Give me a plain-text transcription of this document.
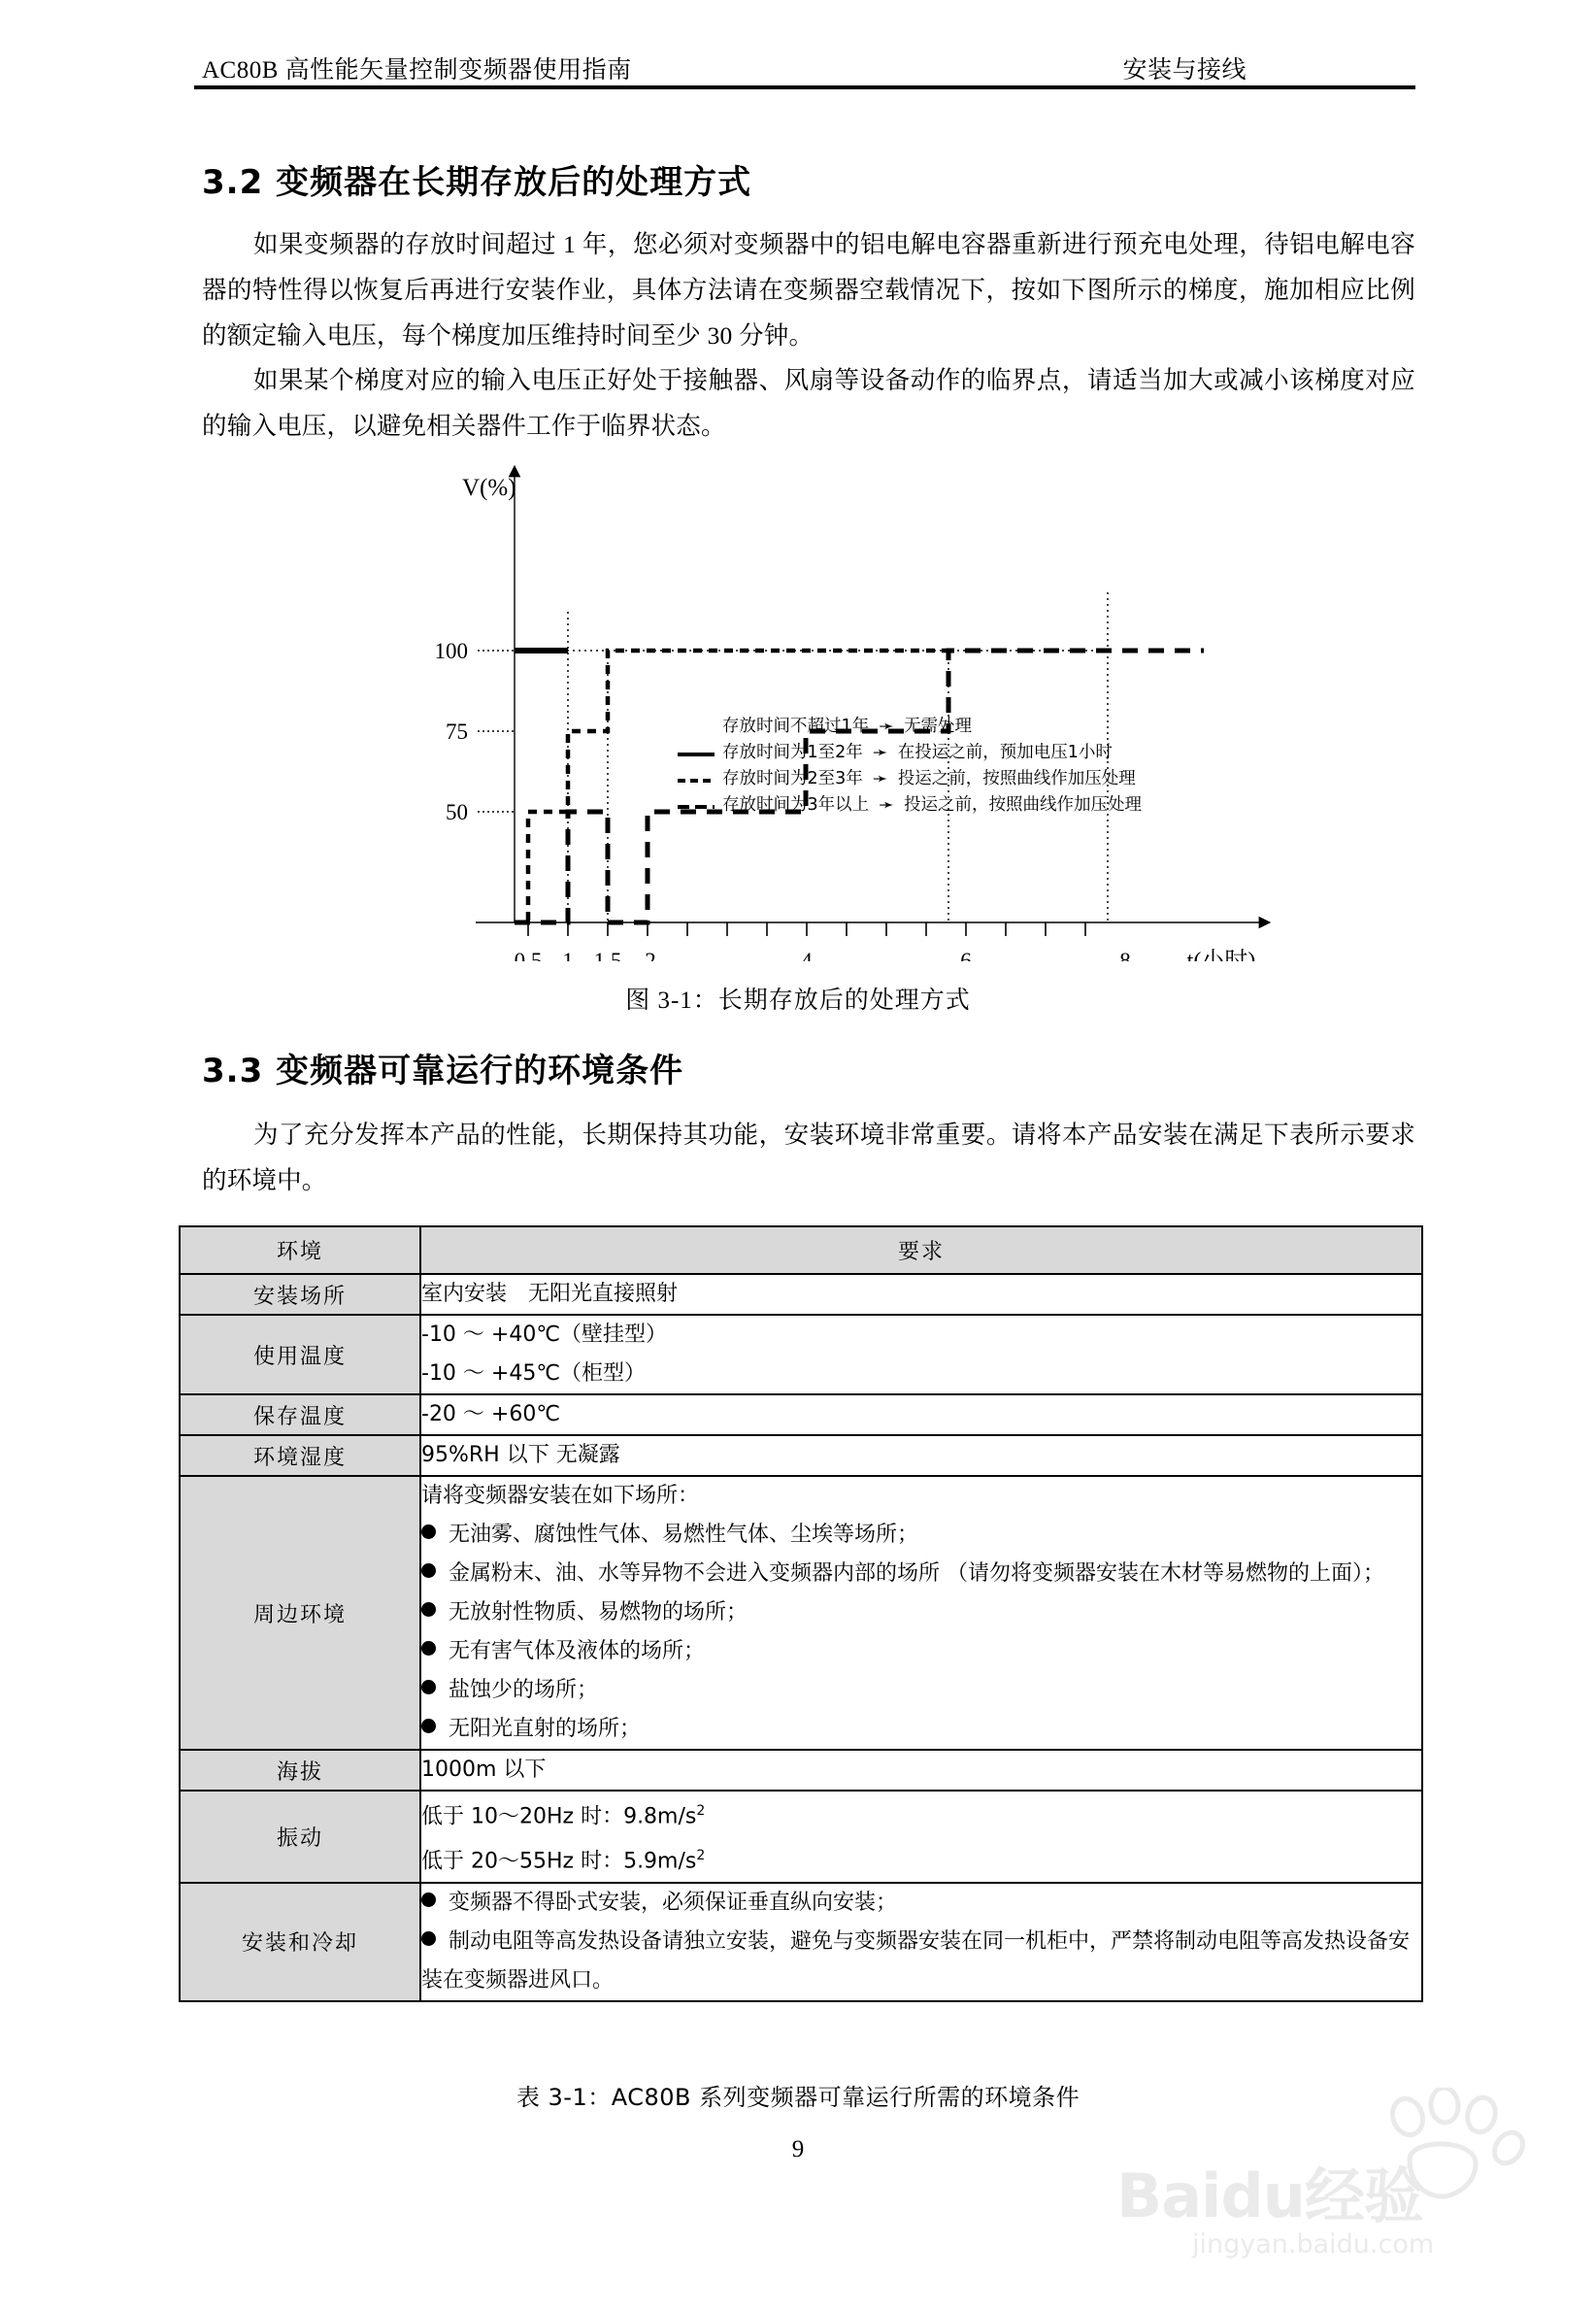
AC80B 高性能矢量控制变频器使用指南	安装与接线
3.2 变频器在长期存放后的处理方式
如果变频器的存放时间超过 1 年，您必须对变频器中的铝电解电容器重新进行预充电处理，待铝电解电容器的特性得以恢复后再进行安装作业，具体方法请在变频器空载情况下，按如下图所示的梯度，施加相应比例的额定输入电压，每个梯度加压维持时间至少 30 分钟。
如果某个梯度对应的输入电压正好处于接触器、风扇等设备动作的临界点，请适当加大或减小该梯度对应的输入电压，以避免相关器件工作于临界状态。
100
75
50
V(%)
0.5 1 1.5 2	4	6	8 t(小时)
存放时间不超过1年 ➛ 无需处理
存放时间为1至2年 ➛ 在投运之前，预加电压1小时
存放时间为2至3年 ➛ 投运之前，按照曲线作加压处理
存放时间为3年以上 ➛ 投运之前，按照曲线作加压处理
图 3-1：长期存放后的处理方式
3.3 变频器可靠运行的环境条件
为了充分发挥本产品的性能，长期保持其功能，安装环境非常重要。请将本产品安装在满足下表所示要求的环境中。
环境	要求
安装场所	室内安装　无阳光直接照射
使用温度	-10 ～ +40℃（壁挂型）
-10 ～ +45℃（柜型）

保存温度	-20 ～ +60℃
环境湿度	95%RH 以下 无凝露
周边环境	
请将变频器安装在如下场所：
无油雾、腐蚀性气体、易燃性气体、尘埃等场所；
金属粉末、油、水等异物不会进入变频器内部的场所 （请勿将变频器安装在木材等易燃物的上面）；
无放射性物质、易燃物的场所；
无有害气体及液体的场所；
盐蚀少的场所；
无阳光直射的场所；

海拔	1000m 以下
振动	低于 10～20Hz 时：$9.8m/s^2$
低于 20～55Hz 时：$5.9m/s^2$

安装和冷却	变频器不得卧式安装，必须保证垂直纵向安装；
制动电阻等高发热设备请独立安装，避免与变频器安装在同一机柜中，严禁将制动电阻等高发热设备安装在变频器进风口。
表 3-1：AC80B 系列变频器可靠运行所需的环境条件
9
Baidu经验
jingyan.baidu.com
